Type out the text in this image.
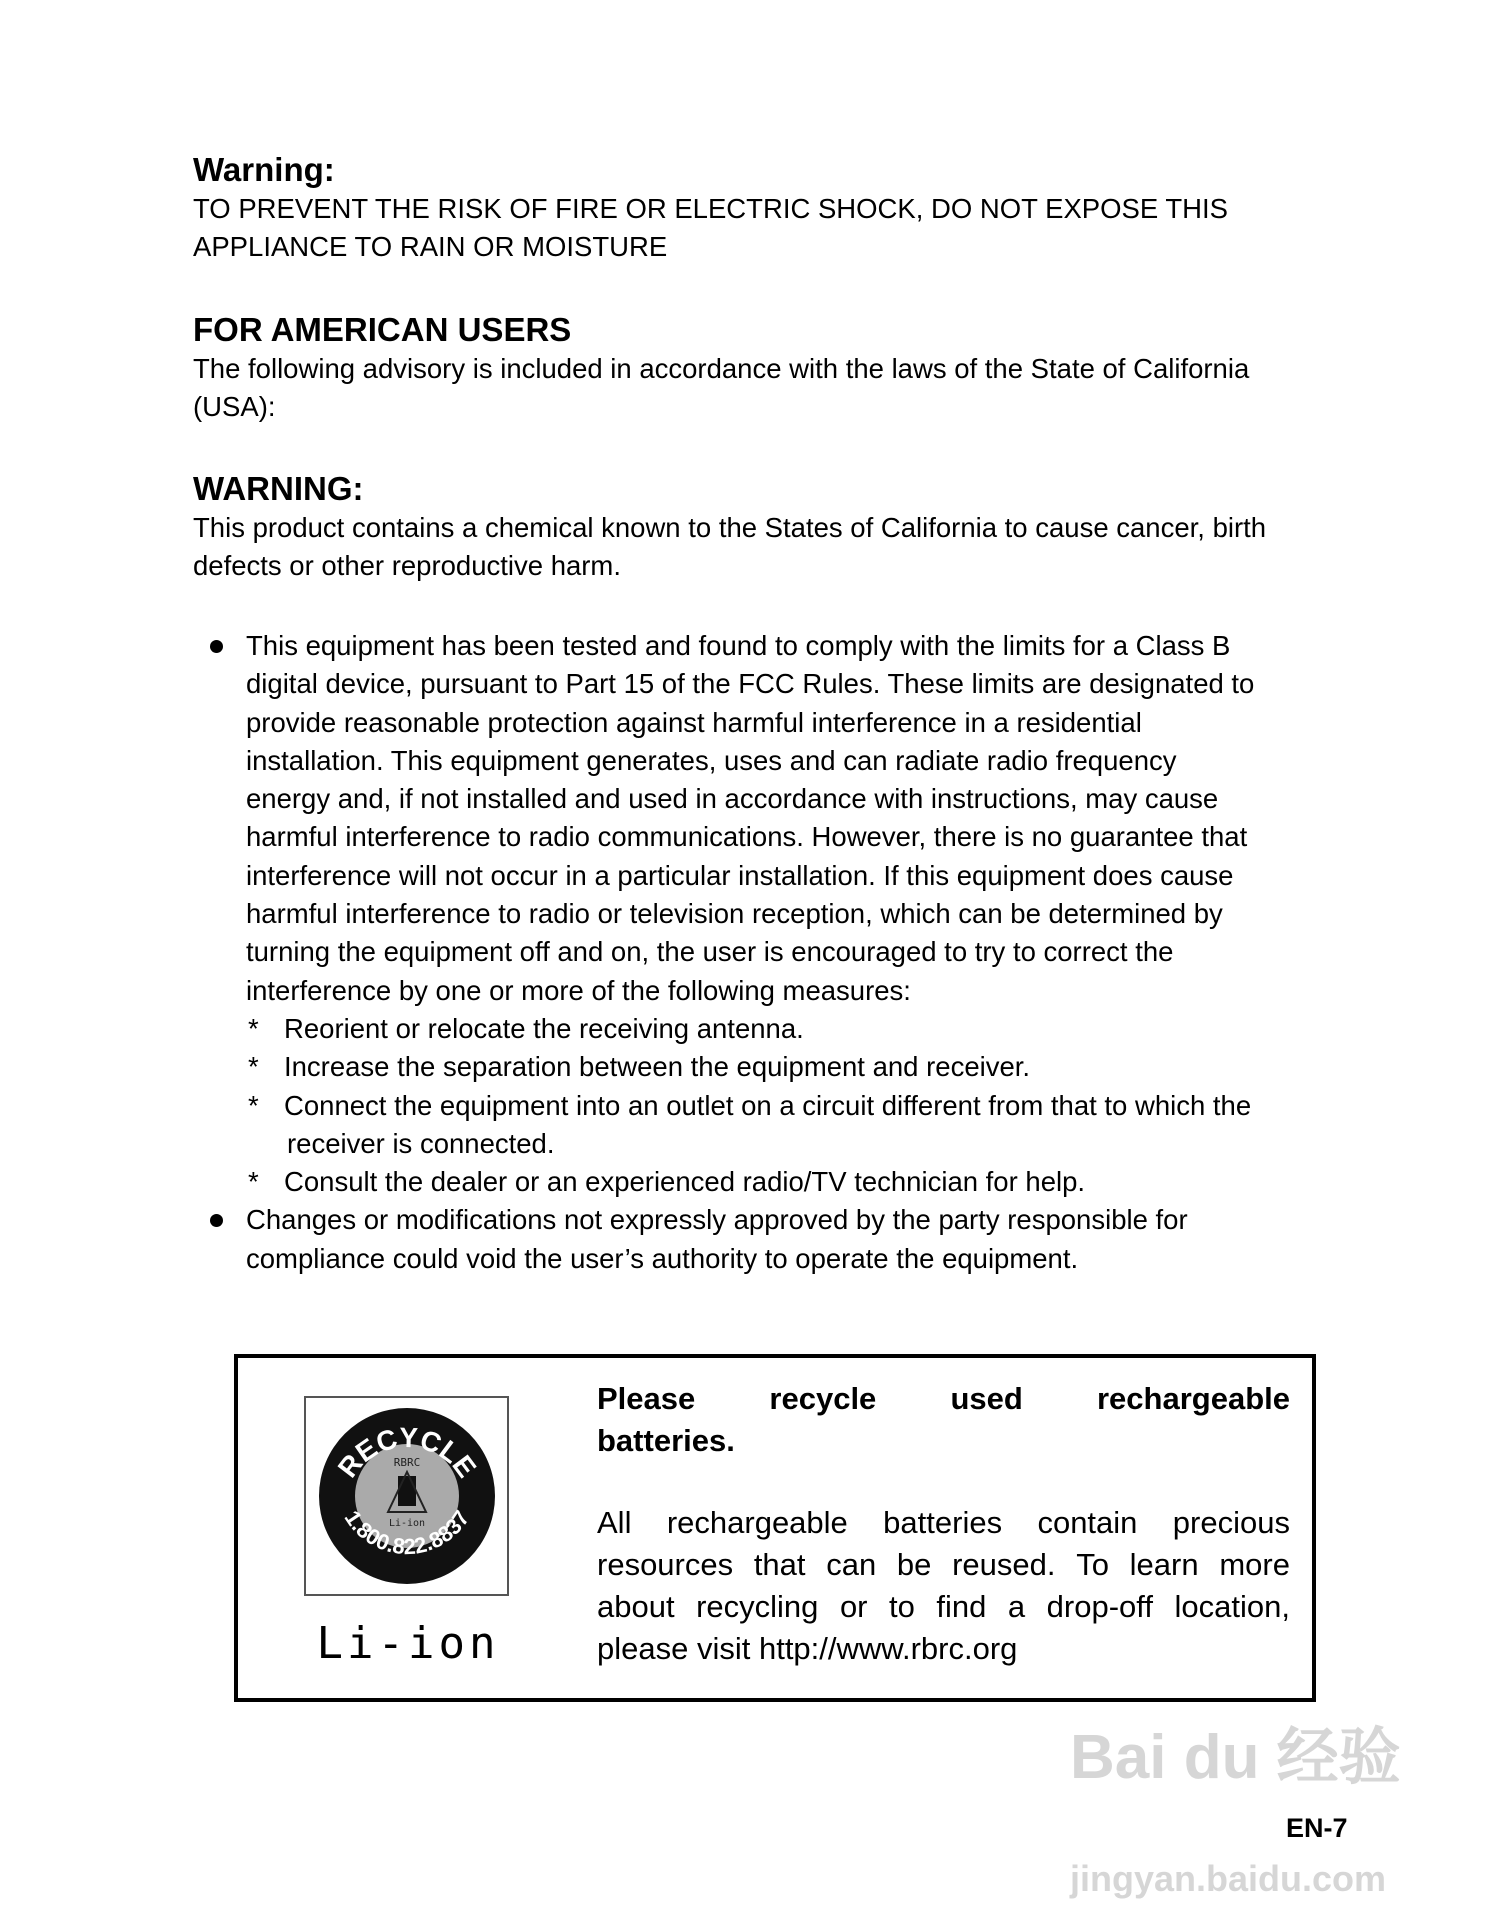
Warning:
TO PREVENT THE RISK OF FIRE OR ELECTRIC SHOCK, DO NOT EXPOSE THIS
APPLIANCE TO RAIN OR MOISTURE
FOR AMERICAN USERS
The following advisory is included in accordance with the laws of the State of California
(USA):
WARNING:
This product contains a chemical known to the States of California to cause cancer, birth
defects or other reproductive harm.
This equipment has been tested and found to comply with the limits for a Class B
digital device, pursuant to Part 15 of the FCC Rules. These limits are designated to
provide reasonable protection against harmful interference in a residential
installation. This equipment generates, uses and can radiate radio frequency
energy and, if not installed and used in accordance with instructions, may cause
harmful interference to radio communications. However, there is no guarantee that
interference will not occur in a particular installation. If this equipment does cause
harmful interference to radio or television reception, which can be determined by
turning the equipment off and on, the user is encouraged to try to correct the
interference by one or more of the following measures:
* Reorient or relocate the receiving antenna.
* Increase the separation between the equipment and receiver.
* Connect the equipment into an outlet on a circuit different from that to which the
receiver is connected.
* Consult the dealer or an experienced radio/TV technician for help.
Changes or modifications not expressly approved by the party responsible for
compliance could void the user’s authority to operate the equipment.
RECYCLE
1.800.822.8837
RBRC
Li-ion
Li-ion
Please recycle used rechargeable
batteries.
All rechargeable batteries contain precious
resources that can be reused. To learn more
about recycling or to find a drop-off location,
please visit http://www.rbrc.org
Bai du 经验
EN-7
jingyan.baidu.com
